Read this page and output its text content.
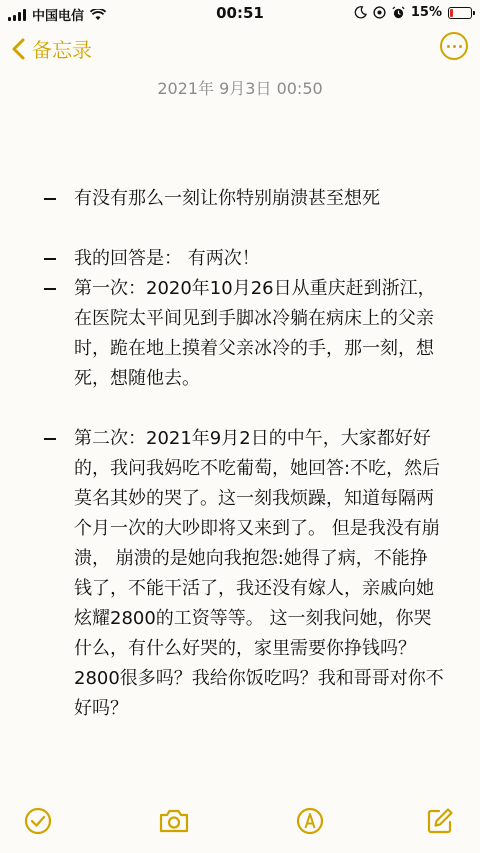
中国电信	00:51	15%
备忘录
2021年 9月3日 00:50
有没有那么一刻让你特别崩溃甚至想死
我的回答是： 有两次！
第一次：2020年10月26日从重庆赶到浙江，在医院太平间见到手脚冰冷躺在病床上的父亲时，跪在地上摸着父亲冰冷的手，那一刻，想死，想随他去。
第二次：2021年9月2日的中午，大家都好好的，我问我妈吃不吃葡萄，她回答:不吃，然后莫名其妙的哭了。这一刻我烦躁，知道每隔两个月一次的大吵即将又来到了。 但是我没有崩溃， 崩溃的是她向我抱怨:她得了病，不能挣钱了，不能干活了，我还没有嫁人，亲戚向她炫耀2800的工资等等。 这一刻我问她，你哭什么，有什么好哭的，家里需要你挣钱吗？2800很多吗？我给你饭吃吗？我和哥哥对你不好吗？
